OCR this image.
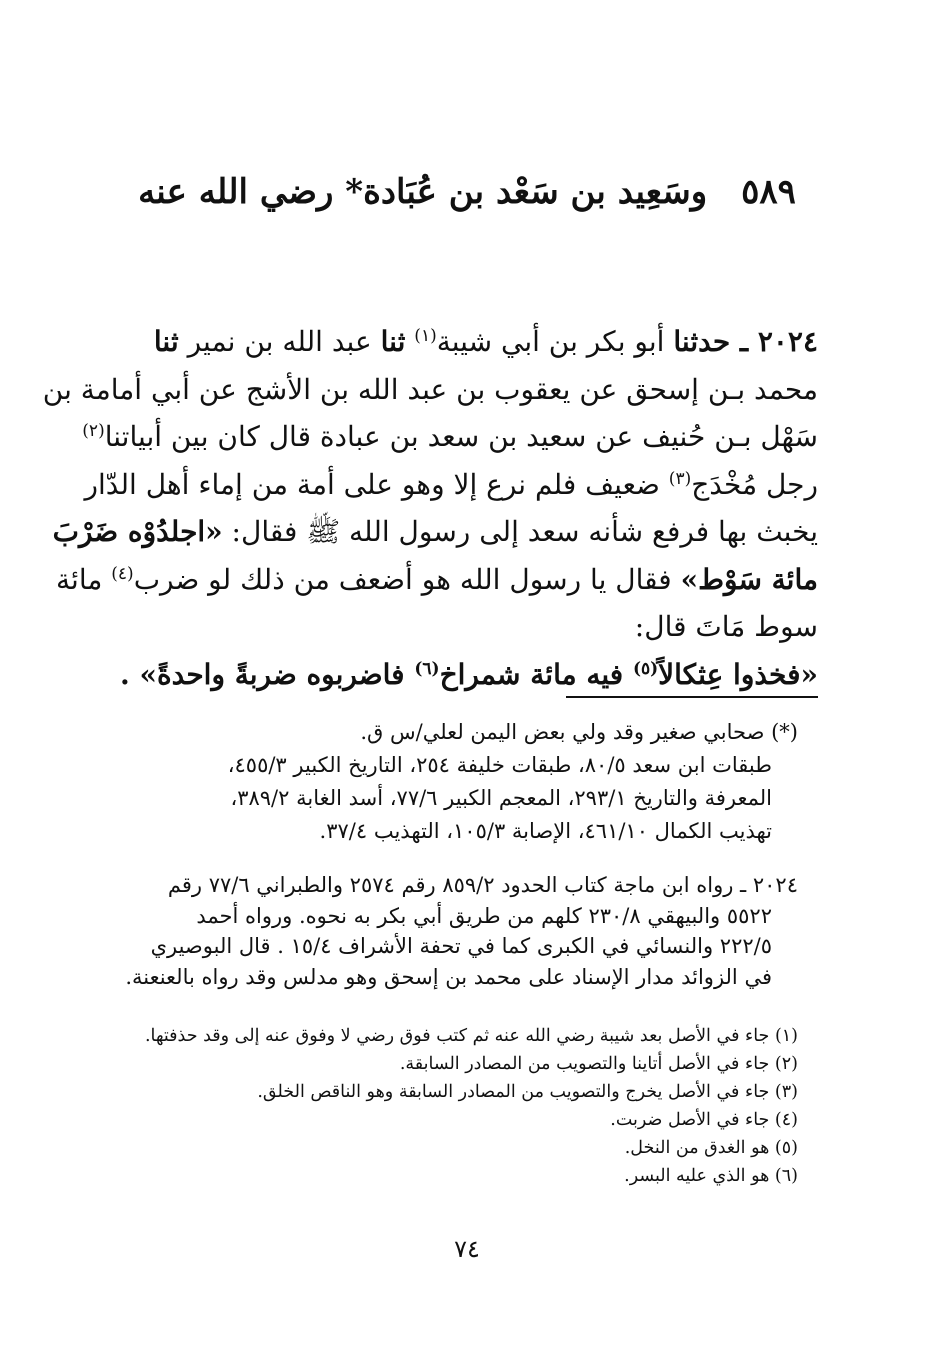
٥٨٩وسَعِيد بن سَعْد بن عُبَادة* رضي الله عنه
٢٠٢٤ ـ حدثنا أبو بكر بن أبي شيبة$^{(١)}$ ثنا عبد الله بن نمير ثنا
محمد بـن إسحق عن يعقوب بن عبد الله بن الأشج عن أبي أمامة بن
سَهْل بـن حُنيف عن سعيد بن سعد بن عبادة قال كان بين أبياتنا$^{(٢)}$
رجل مُخْدَج$^{(٣)}$ ضعيف فلم نرع إلا وهو على أمة من إماء أهل الدّار
يخبث بها فرفع شأنه سعد إلى رسول الله ﷺ فقال: «اجلدُوْه ضَرْبَ
مائة سَوْط» فقال يا رسول الله هو أضعف من ذلك لو ضرب$^{(٤)}$ مائة
سوط مَاتَ قال:
«فخذوا عِثكالاً$^{(٥)}$ فيه مائة شمراخ$^{(٦)}$ فاضربوه ضربةً واحدةً» .
(*) صحابي صغير وقد ولي بعض اليمن لعلي/س ق.
طبقات ابن سعد ٨٠/٥، طبقات خليفة ٢٥٤، التاريخ الكبير ٤٥٥/٣،
المعرفة والتاريخ ٢٩٣/١، المعجم الكبير ٧٧/٦، أسد الغابة ٣٨٩/٢،
تهذيب الكمال ٤٦١/١٠، الإصابة ١٠٥/٣، التهذيب ٣٧/٤.
٢٠٢٤ ـ رواه ابن ماجة كتاب الحدود ٨٥٩/٢ رقم ٢٥٧٤ والطبراني ٧٧/٦ رقم
٥٥٢٢ والبيهقي ٢٣٠/٨ كلهم من طريق أبي بكر به نحوه. ورواه أحمد
٢٢٢/٥ والنسائي في الكبرى كما في تحفة الأشراف ١٥/٤ . قال البوصيري
في الزوائد مدار الإسناد على محمد بن إسحق وهو مدلس وقد رواه بالعنعنة.
(١) جاء في الأصل بعد شيبة رضي الله عنه ثم كتب فوق رضي لا وفوق عنه إلى وقد حذفتها.
(٢) جاء في الأصل أتاينا والتصويب من المصادر السابقة.
(٣) جاء في الأصل يخرج والتصويب من المصادر السابقة وهو الناقص الخلق.
(٤) جاء في الأصل ضربت.
(٥) هو الغدق من النخل.
(٦) هو الذي عليه البسر.
٧٤
